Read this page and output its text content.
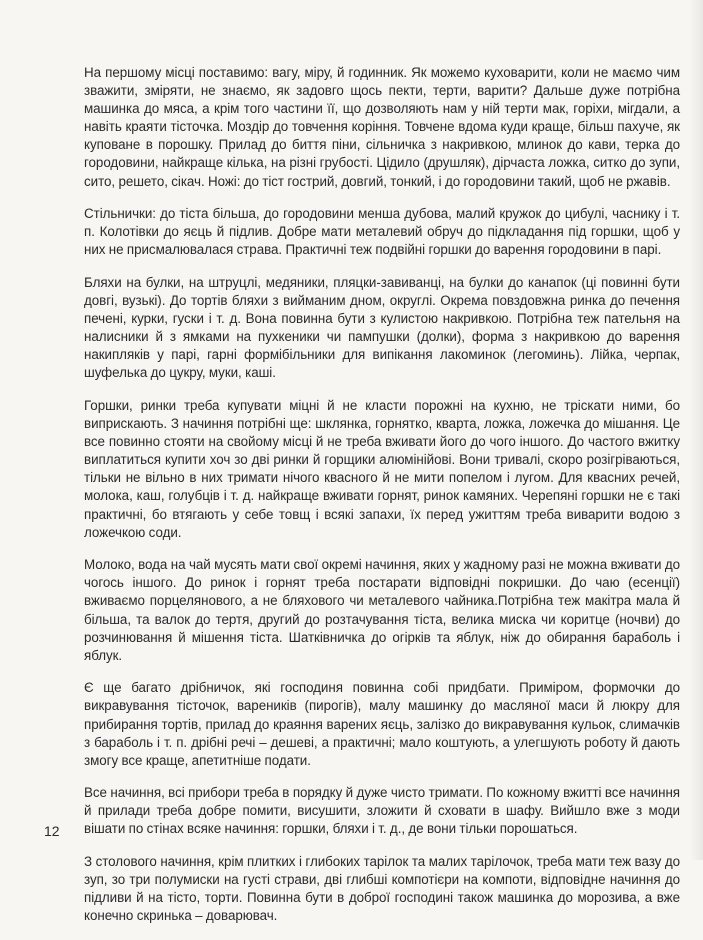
На першому місці поставимо: вагу, міру, й годинник. Як можемо куховарити, коли не маємо чим зважити, зміряти, не знаємо, як задовго щось пекти, терти, варити? Дальше дуже потрібна машинка до мяса, а крім того частини її, що дозволяють нам у ній терти мак, горіхи, мігдали, а навіть краяти тісточка. Моздір до товчення коріння. Товчене вдома куди краще, більш пахуче, як куповане в порошку. Прилад до биття піни, сільничка з накривкою, млинок до кави, терка до городовини, найкраще кілька, на різні грубості. Цідило (друшляк), дірчаста ложка, ситко до зупи, сито, решето, сікач. Ножі: до тіст гострий, довгий, тонкий, і до городовини такий, щоб не ржавів.

Стільнички: до тіста більша, до городовини менша дубова, малий кружок до цибулі, часнику і т. п. Колотівки до яєць й підлив. Добре мати металевий обруч до підкладання під горшки, щоб у них не присмалювалася страва. Практичні теж подвійні горшки до варення городовини в парі.

Бляхи на булки, на штруцлі, медяники, пляцки-завиванці, на булки до канапок (ці повинні бути довгі, вузькі). До тортів бляхи з вийманим дном, округлі. Окрема повздовжна ринка до печення печені, курки, гуски і т. д. Вона повинна бути з кулистою накривкою. Потрібна теж пательня на налисники й з ямками на пухкеники чи пампушки (долки), форма з накривкою до варення накипляків у парі, гарні формібільники для випікання лакоминок (легоминь). Лійка, черпак, шуфелька до цукру, муки, каші.

Горшки, ринки треба купувати міцні й не класти порожні на кухню, не тріскати ними, бо виприскають. З начиння потрібні ще: шклянка, горнятко, кварта, ложка, ложечка до мішання. Це все повинно стояти на свойому місці й не треба вживати його до чого іншого. До частого вжитку виплатиться купити хоч зо дві ринки й горщики алюмінійові. Вони тривалі, скоро розігріваються, тільки не вільно в них тримати нічого квасного й не мити попелом і лугом. Для квасних речей, молока, каш, голубців і т. д. найкраще вживати горнят, ринок камяних. Черепяні горшки не є такі практичні, бо втягають у себе товщ і всякі запахи, їх перед ужиттям треба виварити водою з ложечкою соди.

Молоко, вода на чай мусять мати свої окремі начиння, яких у жадному разі не можна вживати до чогось іншого. До ринок і горнят треба постарати відповідні покришки. До чаю (есенції) вживаємо порцелянового, а не бляхового чи металевого чайника.Потрібна теж макітра мала й більша, та валок до тертя, другий до розтачування тіста, велика миска чи коритце (ночви) до розчинювання й мішення тіста. Шатківничка до огірків та яблук, ніж до обирання бараболь і яблук.

Є ще багато дрібничок, які господиня повинна собі придбати. Приміром, формочки до викравування тісточок, вареників (пирогів), малу машинку до масляної маси й люкру для прибирання тортів, прилад до краяння варених яєць, залізко до викравування кульок, слимачків з бараболь і т. п. дрібні речі – дешеві, а практичні; мало коштують, а улегшують роботу й дають змогу все краще, апетитніше подати.

Все начиння, всі прибори треба в порядку й дуже чисто тримати. По кожному вжитті все начиння й прилади треба добре помити, висушити, зложити й сховати в шафу. Вийшло вже з моди вішати по стінах всяке начиння: горшки, бляхи і т. д., де вони тільки порошаться.

З столового начиння, крім плитких і глибоких тарілок та малих тарілочок, треба мати теж вазу до зуп, зо три полумиски на густі страви, дві глибші компотієри на компоти, відповідне начиння до підливи й на тісто, торти. Повинна бути в доброї господині також машинка до морозива, а вже конечно скринька – доварювач.

12
